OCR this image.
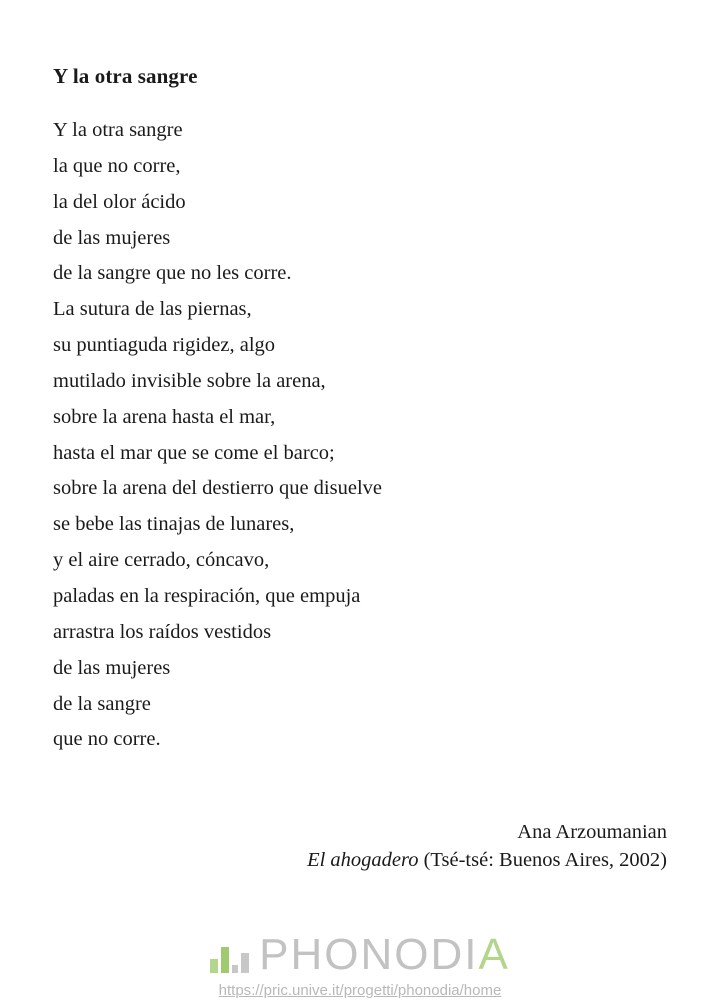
Y la otra sangre
Y la otra sangre
la que no corre,
la del olor ácido
de las mujeres
de la sangre que no les corre.
La sutura de las piernas,
su puntiaguda rigidez, algo
mutilado invisible sobre la arena,
sobre la arena hasta el mar,
hasta el mar que se come el barco;
sobre la arena del destierro que disuelve
se bebe las tinajas de lunares,
y el aire cerrado, cóncavo,
paladas en la respiración, que empuja
arrastra los raídos vestidos
de las mujeres
de la sangre
que no corre.
Ana Arzoumanian
El ahogadero (Tsé-tsé: Buenos Aires, 2002)
PHONODIA
https://pric.unive.it/progetti/phonodia/home
